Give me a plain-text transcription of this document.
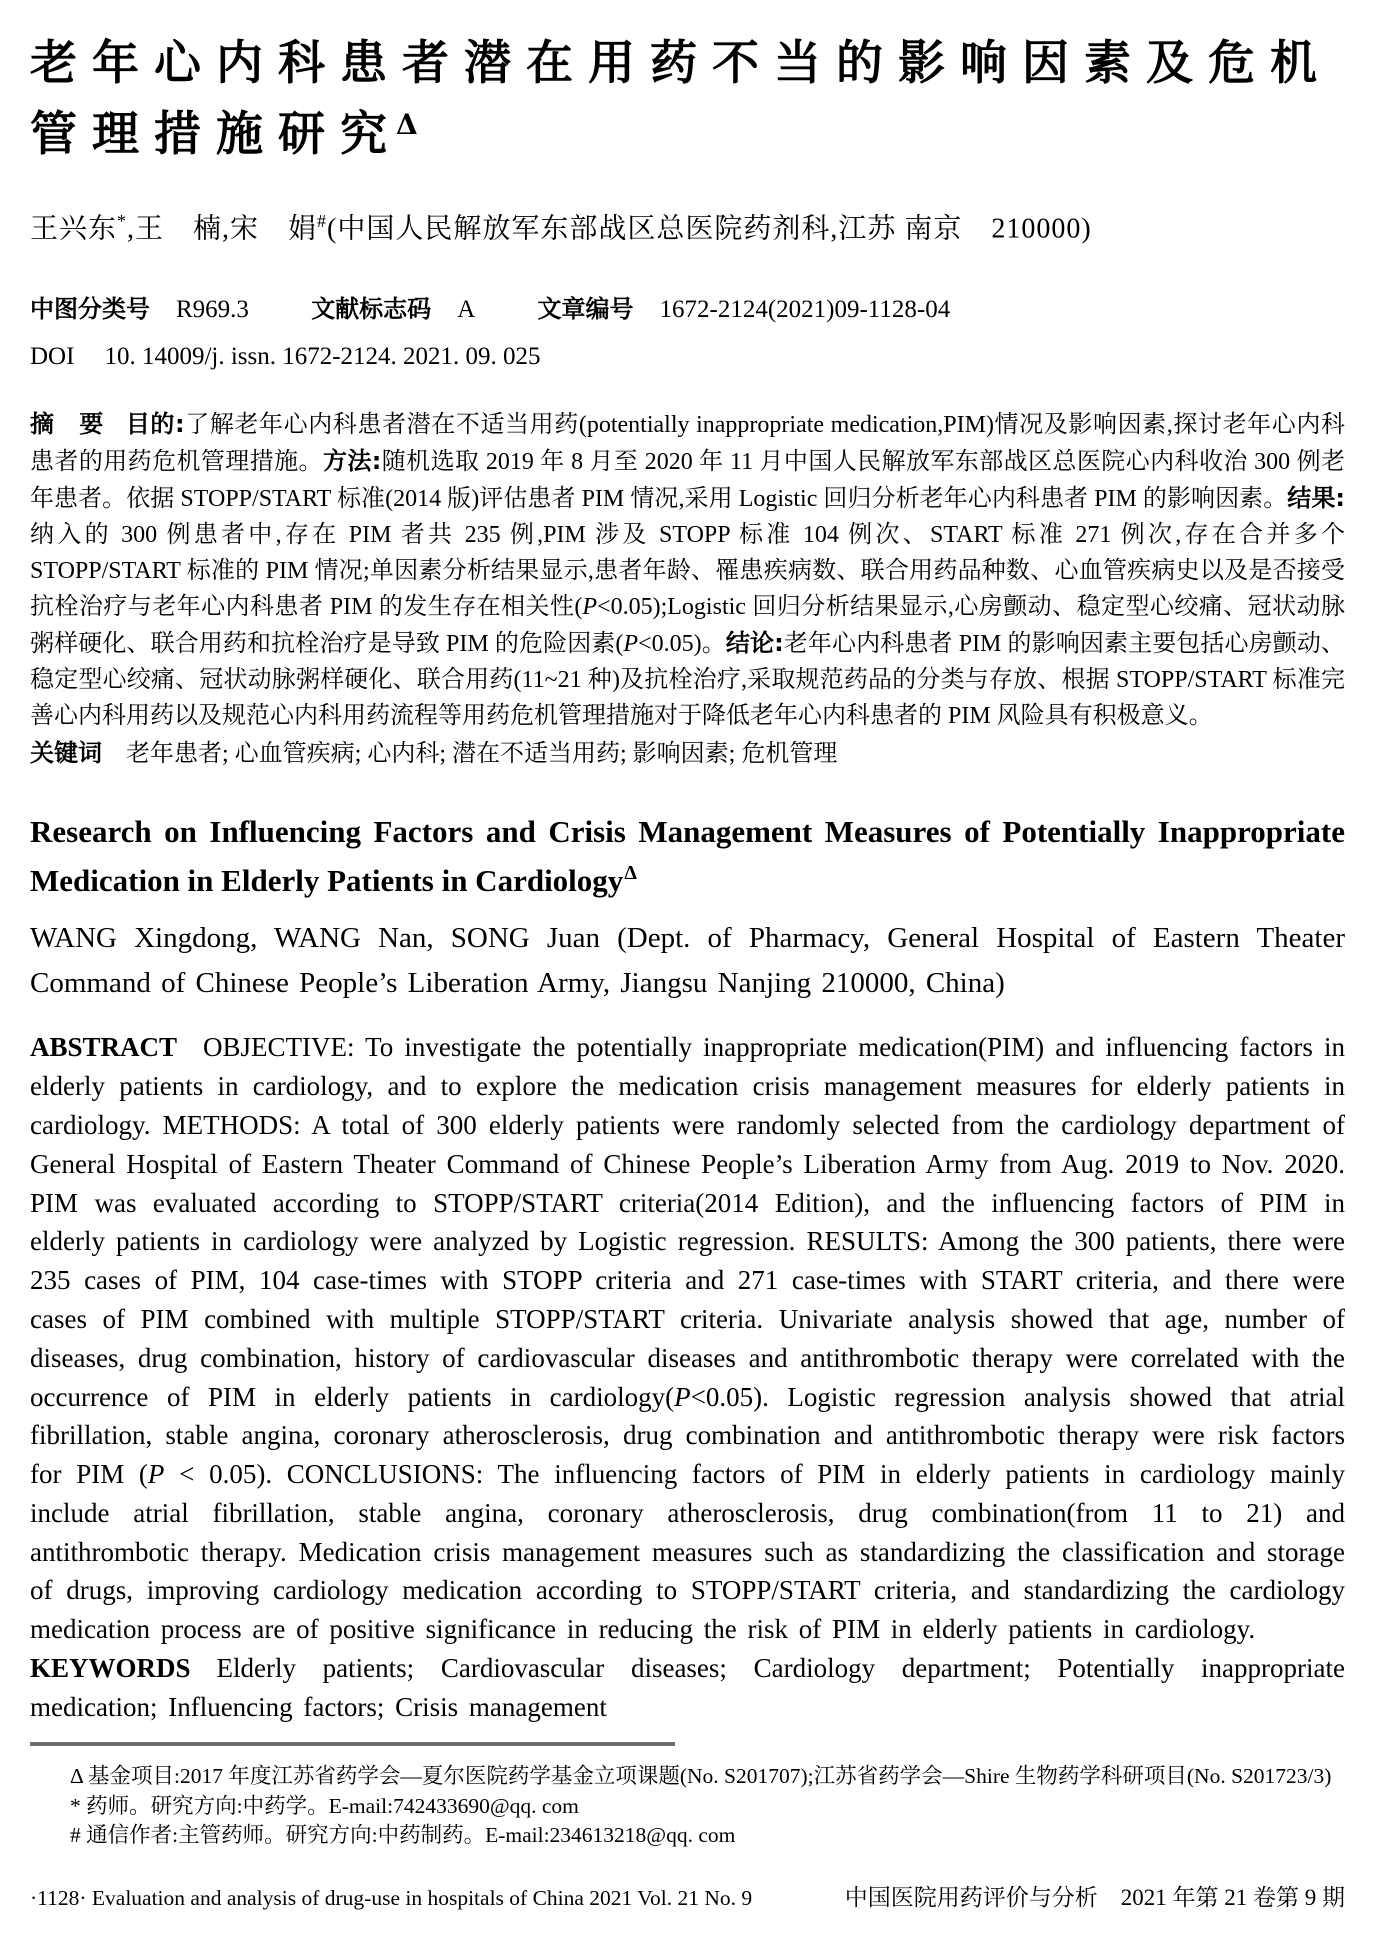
老年心内科患者潜在用药不当的影响因素及危机
管理措施研究$^\Delta$
王兴东*,王　楠,宋　娟#(中国人民解放军东部战区总医院药剂科,江苏 南京　210000)
中图分类号 R969.3	文献标志码 A	文章编号 1672-2124(2021)09-1128-04
DOI 10. 14009/j. issn. 1672-2124. 2021. 09. 025

摘　要 目的:了解老年心内科患者潜在不适当用药(potentially inappropriate medication,PIM)情况及影响因素,探讨老年心内科患者的用药危机管理措施。方法:随机选取 2019 年 8 月至 2020 年 11 月中国人民解放军东部战区总医院心内科收治 300 例老年患者。依据 STOPP/START 标准(2014 版)评估患者 PIM 情况,采用 Logistic 回归分析老年心内科患者 PIM 的影响因素。结果:纳入的 300 例患者中,存在 PIM 者共 235 例,PIM 涉及 STOPP 标准 104 例次、START 标准 271 例次,存在合并多个 STOPP/START 标准的 PIM 情况;单因素分析结果显示,患者年龄、罹患疾病数、联合用药品种数、心血管疾病史以及是否接受抗栓治疗与老年心内科患者 PIM 的发生存在相关性(P<0.05);Logistic 回归分析结果显示,心房颤动、稳定型心绞痛、冠状动脉粥样硬化、联合用药和抗栓治疗是导致 PIM 的危险因素(P<0.05)。结论:老年心内科患者 PIM 的影响因素主要包括心房颤动、稳定型心绞痛、冠状动脉粥样硬化、联合用药(11~21 种)及抗栓治疗,采取规范药品的分类与存放、根据 STOPP/START 标准完善心内科用药以及规范心内科用药流程等用药危机管理措施对于降低老年心内科患者的 PIM 风险具有积极意义。

关键词 老年患者; 心血管疾病; 心内科; 潜在不适当用药; 影响因素; 危机管理

Research on Influencing Factors and Crisis Management Measures of Potentially Inappropriate
Medication in Elderly Patients in Cardiology$^\Delta$
WANG Xingdong, WANG Nan, SONG Juan (Dept. of Pharmacy, General Hospital of Eastern Theater Command of Chinese People’s Liberation Army, Jiangsu Nanjing 210000, China)

ABSTRACT OBJECTIVE: To investigate the potentially inappropriate medication(PIM) and influencing factors in elderly patients in cardiology, and to explore the medication crisis management measures for elderly patients in cardiology. METHODS: A total of 300 elderly patients were randomly selected from the cardiology department of General Hospital of Eastern Theater Command of Chinese People’s Liberation Army from Aug. 2019 to Nov. 2020. PIM was evaluated according to STOPP/START criteria(2014 Edition), and the influencing factors of PIM in elderly patients in cardiology were analyzed by Logistic regression. RESULTS: Among the 300 patients, there were 235 cases of PIM, 104 case-times with STOPP criteria and 271 case-times with START criteria, and there were cases of PIM combined with multiple STOPP/START criteria. Univariate analysis showed that age, number of diseases, drug combination, history of cardiovascular diseases and antithrombotic therapy were correlated with the occurrence of PIM in elderly patients in cardiology(P<0.05). Logistic regression analysis showed that atrial fibrillation, stable angina, coronary atherosclerosis, drug combination and antithrombotic therapy were risk factors for PIM (P < 0.05). CONCLUSIONS: The influencing factors of PIM in elderly patients in cardiology mainly include atrial fibrillation, stable angina, coronary atherosclerosis, drug combination(from 11 to 21) and antithrombotic therapy. Medication crisis management measures such as standardizing the classification and storage of drugs, improving cardiology medication according to STOPP/START criteria, and standardizing the cardiology medication process are of positive significance in reducing the risk of PIM in elderly patients in cardiology.

KEYWORDS Elderly patients; Cardiovascular diseases; Cardiology department; Potentially inappropriate medication; Influencing factors; Crisis management

Δ 基金项目:2017 年度江苏省药学会—夏尔医院药学基金立项课题(No. S201707);江苏省药学会—Shire 生物药学科研项目(No. S201723/3)
* 药师。研究方向:中药学。E-mail:742433690@qq. com
# 通信作者:主管药师。研究方向:中药制药。E-mail:234613218@qq. com
·1128· Evaluation and analysis of drug-use in hospitals of China 2021 Vol. 21 No. 9	中国医院用药评价与分析　2021 年第 21 卷第 9 期
